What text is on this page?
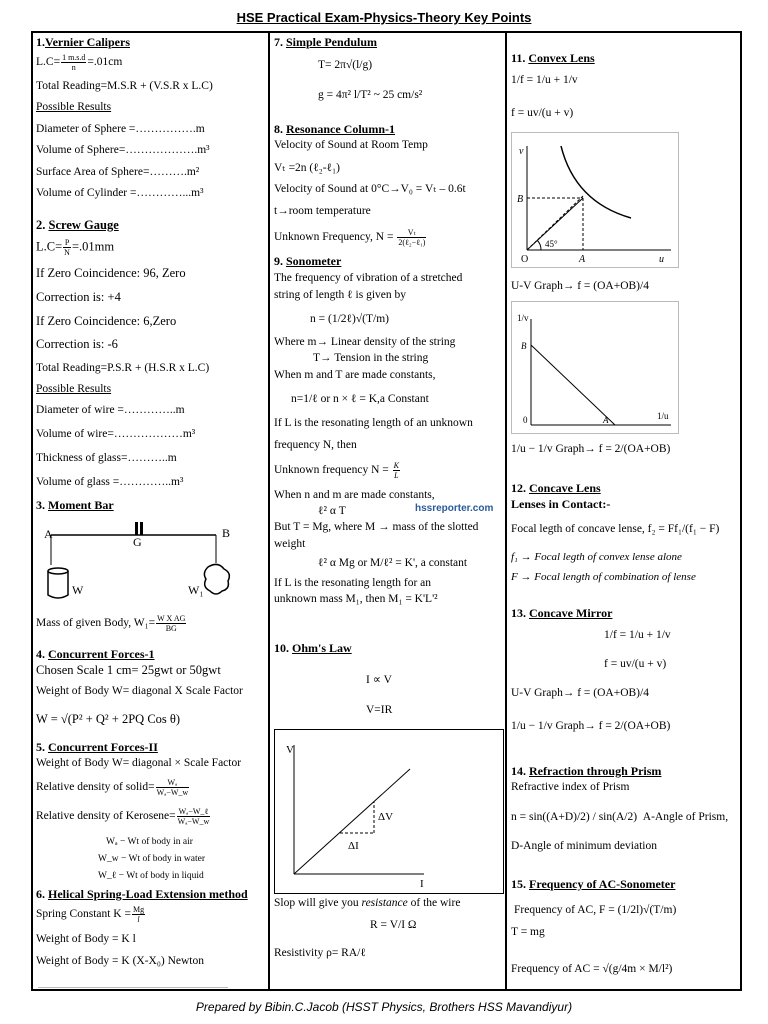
HSE Practical Exam-Physics-Theory Key Points
1.Vernier Calipers
$L.C= \frac{1 m.s.d}{n} =.01cm$
Total Reading=M.S.R + (V.S.R x L.C)
Possible Results
Diameter of Sphere =…………….m
Volume of Sphere=……………….m³
Surface Area of Sphere=……….m²
Volume of Cylinder =…………...m³
2. Screw Gauge
$L.C= \frac{P}{N} =.01mm$
If Zero Coincidence: 96, Zero
Correction is: +4
If Zero Coincidence: 6,Zero
Correction is: -6
Total Reading=P.S.R + (H.S.R x L.C)
Possible Results
Diameter of wire =…………..m
Volume of wire=………………m³
Thickness of glass=………..m
Volume of glass =…………..m³
3. Moment Bar
A
G
B
W	W₁
Mass of given Body, $W_1= \frac{\text{W X AG}}{BG}$
4. Concurrent Forces-1
Chosen Scale 1 cm= 25gwt or 50gwt
Weight of Body W= diagonal X Scale Factor
W = √(P² + Q² + 2PQ Cos θ)
5. Concurrent Forces-II
Weight of Body W= diagonal × Scale Factor
Relative density of solid= $\frac{\text{Wₐ}}{\text{Wₐ−W\_w}}$
Relative density of Kerosene= $\frac{\text{Wₐ−W\_ℓ}}{\text{Wₐ−W\_w}}$
Wₐ − Wt of body in air
W_w − Wt of body in water
W_ℓ − Wt of body in liquid
6. Helical Spring-Load Extension method
Spring Constant $K = \frac{Mg}{l}$
Weight of Body = K l
Weight of Body = K (X-X₀) Newton
7. Simple Pendulum
T= 2π√(l/g)
g = 4π² l/T² ~ 25 cm/s²
8. Resonance Column-1
Velocity of Sound at Room Temp
Vₜ =2n (ℓ₂-ℓ₁)
Velocity of Sound at 0°C→V₀ = Vₜ – 0.6t
t→room temperature
Unknown Frequency, $N = \frac{\text{Vₜ}}{\text{2(ℓ₂−ℓ₁)}}$
9. Sonometer
The frequency of vibration of a stretched
string of length ℓ is given by
n = (1/2ℓ)√(T/m)
Where m→ Linear density of the string
T→ Tension in the string
When m and T are made constants,
n=1/ℓ or n × ℓ = K,a Constant
If L is the resonating length of an unknown
frequency N, then
Unknown frequency $N = \frac{K}{L}$
When n and m are made constants,
ℓ² α T
But T = Mg, where M → mass of the slotted
weight
ℓ² α Mg or M/ℓ² = K', a constant
If L is the resonating length for an
unknown mass M₁, then M₁ = K'L'²
10. Ohm's Law
I ∝ V
V=IR
V
I
ΔV
ΔI
Slop will give you resistance of the wire
R = V/I Ω
Resistivity ρ= RA/ℓ
hssreporter.com
11. Convex Lens
1/f = 1/u + 1/v
f = uv/(u + v)
v
B
O	A	u
45°
U-V Graph→ f = (OA+OB)/4
1/v
B
0	A	1/u
1/u − 1/v Graph→ f = 2/(OA+OB)
12. Concave Lens
Lenses in Contact:-
Focal legth of concave lense, f₂ = Ff₁/(f₁ − F)
f₁ → Focal legth of convex lense alone
F → Focal length of combination of lense
13. Concave Mirror
1/f = 1/u + 1/v
f = uv/(u + v)
U-V Graph→ f = (OA+OB)/4
1/u − 1/v Graph→ f = 2/(OA+OB)
14. Refraction through Prism
Refractive index of Prism
n = sin((A+D)/2) / sin(A/2) A-Angle of Prism,
D-Angle of minimum deviation
15. Frequency of AC-Sonometer
Frequency of AC, F = (1/2l)√(T/m)
T = mg
Frequency of AC = √(g/4m × M/l²)
Prepared by Bibin.C.Jacob (HSST Physics, Brothers HSS Mavandiyur)
